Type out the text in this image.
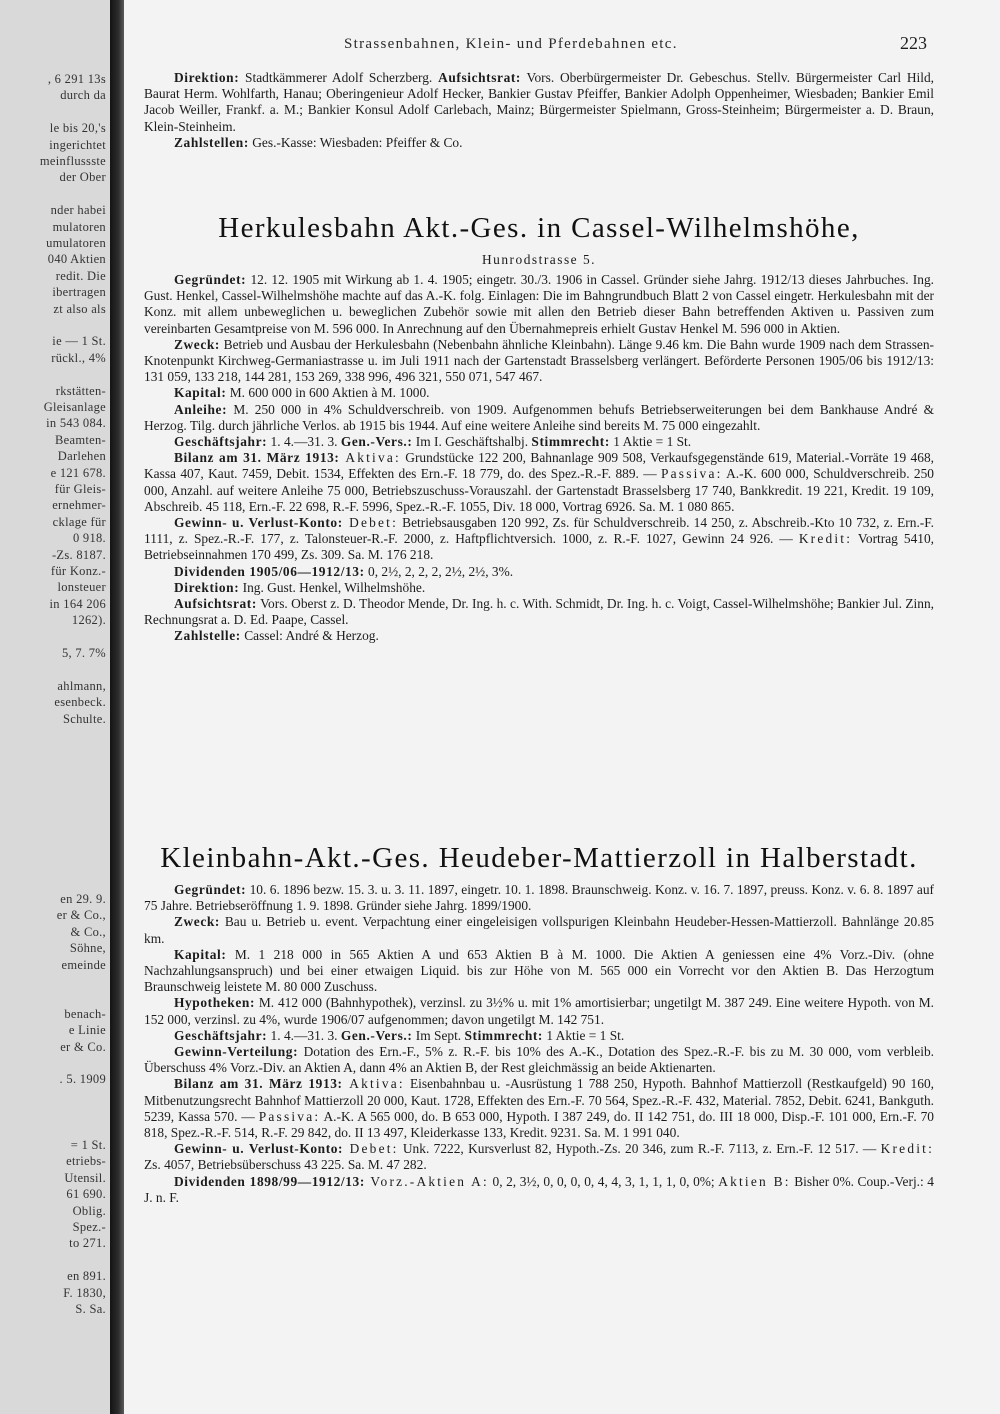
, 6 291 13s
durch da
le bis 20,'s
ingerichtet
meinflussste
der Ober
nder habei
mulatoren
umulatoren
040 Aktien
redit. Die
ibertragen
zt also als
ie — 1 St.
rückl., 4%
rkstätten-
Gleisanlage
in 543 084.
Beamten-
Darlehen
e 121 678.
für Gleis-
ernehmer-
cklage für
0 918.
-Zs. 8187.
für Konz.-
lonsteuer
in 164 206
1262).
5, 7. 7%
ahlmann,
esenbeck.
Schulte.
en 29. 9.
er & Co.,
& Co.,
Söhne,
emeinde
benach-
e Linie
er & Co.
. 5. 1909
= 1 St.
etriebs-
Utensil.
61 690.
Oblig.
Spez.-
to 271.
en 891.
F. 1830,
S. Sa.
Strassenbahnen, Klein- und Pferdebahnen etc.	223

Direktion: Stadtkämmerer Adolf Scherzberg. Aufsichtsrat: Vors. Oberbürgermeister Dr. Gebeschus. Stellv. Bürgermeister Carl Hild, Baurat Herm. Wohlfarth, Hanau; Oberingenieur Adolf Hecker, Bankier Gustav Pfeiffer, Bankier Adolph Oppenheimer, Wiesbaden; Bankier Emil Jacob Weiller, Frankf. a. M.; Bankier Konsul Adolf Carlebach, Mainz; Bürgermeister Spielmann, Gross-Steinheim; Bürgermeister a. D. Braun, Klein-Steinheim.

Zahlstellen: Ges.-Kasse: Wiesbaden: Pfeiffer & Co.

Herkulesbahn Akt.-Ges. in Cassel-Wilhelmshöhe,
Hunrodstrasse 5.

Gegründet: 12. 12. 1905 mit Wirkung ab 1. 4. 1905; eingetr. 30./3. 1906 in Cassel. Gründer siehe Jahrg. 1912/13 dieses Jahrbuches. Ing. Gust. Henkel, Cassel-Wilhelmshöhe machte auf das A.-K. folg. Einlagen: Die im Bahngrundbuch Blatt 2 von Cassel eingetr. Herkulesbahn mit der Konz. mit allem unbeweglichen u. beweglichen Zubehör sowie mit allen den Betrieb dieser Bahn betreffenden Aktiven u. Passiven zum vereinbarten Gesamtpreise von M. 596 000. In Anrechnung auf den Übernahmepreis erhielt Gustav Henkel M. 596 000 in Aktien.

Zweck: Betrieb und Ausbau der Herkulesbahn (Nebenbahn ähnliche Kleinbahn). Länge 9.46 km. Die Bahn wurde 1909 nach dem Strassen-Knotenpunkt Kirchweg-Germaniastrasse u. im Juli 1911 nach der Gartenstadt Brasselsberg verlängert. Beförderte Personen 1905/06 bis 1912/13: 131 059, 133 218, 144 281, 153 269, 338 996, 496 321, 550 071, 547 467.

Kapital: M. 600 000 in 600 Aktien à M. 1000.

Anleihe: M. 250 000 in 4% Schuldverschreib. von 1909. Aufgenommen behufs Betriebserweiterungen bei dem Bankhause André & Herzog. Tilg. durch jährliche Verlos. ab 1915 bis 1944. Auf eine weitere Anleihe sind bereits M. 75 000 eingezahlt.

Geschäftsjahr: 1. 4.—31. 3. Gen.-Vers.: Im I. Geschäftshalbj. Stimmrecht: 1 Aktie = 1 St.

Bilanz am 31. März 1913: Aktiva: Grundstücke 122 200, Bahnanlage 909 508, Verkaufsgegenstände 619, Material.-Vorräte 19 468, Kassa 407, Kaut. 7459, Debit. 1534, Effekten des Ern.-F. 18 779, do. des Spez.-R.-F. 889. — Passiva: A.-K. 600 000, Schuldverschreib. 250 000, Anzahl. auf weitere Anleihe 75 000, Betriebszuschuss-Vorauszahl. der Gartenstadt Brasselsberg 17 740, Bankkredit. 19 221, Kredit. 19 109, Abschreib. 45 118, Ern.-F. 22 698, R.-F. 5996, Spez.-R.-F. 1055, Div. 18 000, Vortrag 6926. Sa. M. 1 080 865.

Gewinn- u. Verlust-Konto: Debet: Betriebsausgaben 120 992, Zs. für Schuldverschreib. 14 250, z. Abschreib.-Kto 10 732, z. Ern.-F. 1111, z. Spez.-R.-F. 177, z. Talonsteuer-R.-F. 2000, z. Haftpflichtversich. 1000, z. R.-F. 1027, Gewinn 24 926. — Kredit: Vortrag 5410, Betriebseinnahmen 170 499, Zs. 309. Sa. M. 176 218.

Dividenden 1905/06—1912/13: 0, 2½, 2, 2, 2, 2½, 2½, 3%.

Direktion: Ing. Gust. Henkel, Wilhelmshöhe.

Aufsichtsrat: Vors. Oberst z. D. Theodor Mende, Dr. Ing. h. c. With. Schmidt, Dr. Ing. h. c. Voigt, Cassel-Wilhelmshöhe; Bankier Jul. Zinn, Rechnungsrat a. D. Ed. Paape, Cassel.

Zahlstelle: Cassel: André & Herzog.

Kleinbahn-Akt.-Ges. Heudeber-Mattierzoll in Halberstadt.

Gegründet: 10. 6. 1896 bezw. 15. 3. u. 3. 11. 1897, eingetr. 10. 1. 1898. Braunschweig. Konz. v. 16. 7. 1897, preuss. Konz. v. 6. 8. 1897 auf 75 Jahre. Betriebseröffnung 1. 9. 1898. Gründer siehe Jahrg. 1899/1900.

Zweck: Bau u. Betrieb u. event. Verpachtung einer eingeleisigen vollspurigen Kleinbahn Heudeber-Hessen-Mattierzoll. Bahnlänge 20.85 km.

Kapital: M. 1 218 000 in 565 Aktien A und 653 Aktien B à M. 1000. Die Aktien A geniessen eine 4% Vorz.-Div. (ohne Nachzahlungsanspruch) und bei einer etwaigen Liquid. bis zur Höhe von M. 565 000 ein Vorrecht vor den Aktien B. Das Herzogtum Braunschweig leistete M. 80 000 Zuschuss.

Hypotheken: M. 412 000 (Bahnhypothek), verzinsl. zu 3½% u. mit 1% amortisierbar; ungetilgt M. 387 249. Eine weitere Hypoth. von M. 152 000, verzinsl. zu 4%, wurde 1906/07 aufgenommen; davon ungetilgt M. 142 751.

Geschäftsjahr: 1. 4.—31. 3. Gen.-Vers.: Im Sept. Stimmrecht: 1 Aktie = 1 St.

Gewinn-Verteilung: Dotation des Ern.-F., 5% z. R.-F. bis 10% des A.-K., Dotation des Spez.-R.-F. bis zu M. 30 000, vom verbleib. Überschuss 4% Vorz.-Div. an Aktien A, dann 4% an Aktien B, der Rest gleichmässig an beide Aktienarten.

Bilanz am 31. März 1913: Aktiva: Eisenbahnbau u. -Ausrüstung 1 788 250, Hypoth. Bahnhof Mattierzoll (Restkaufgeld) 90 160, Mitbenutzungsrecht Bahnhof Mattierzoll 20 000, Kaut. 1728, Effekten des Ern.-F. 70 564, Spez.-R.-F. 432, Material. 7852, Debit. 6241, Bankguth. 5239, Kassa 570. — Passiva: A.-K. A 565 000, do. B 653 000, Hypoth. I 387 249, do. II 142 751, do. III 18 000, Disp.-F. 101 000, Ern.-F. 70 818, Spez.-R.-F. 514, R.-F. 29 842, do. II 13 497, Kleiderkasse 133, Kredit. 9231. Sa. M. 1 991 040.

Gewinn- u. Verlust-Konto: Debet: Unk. 7222, Kursverlust 82, Hypoth.-Zs. 20 346, zum R.-F. 7113, z. Ern.-F. 12 517. — Kredit: Zs. 4057, Betriebsüberschuss 43 225. Sa. M. 47 282.

Dividenden 1898/99—1912/13: Vorz.-Aktien A: 0, 2, 3½, 0, 0, 0, 0, 4, 4, 3, 1, 1, 1, 0, 0%; Aktien B: Bisher 0%. Coup.-Verj.: 4 J. n. F.
